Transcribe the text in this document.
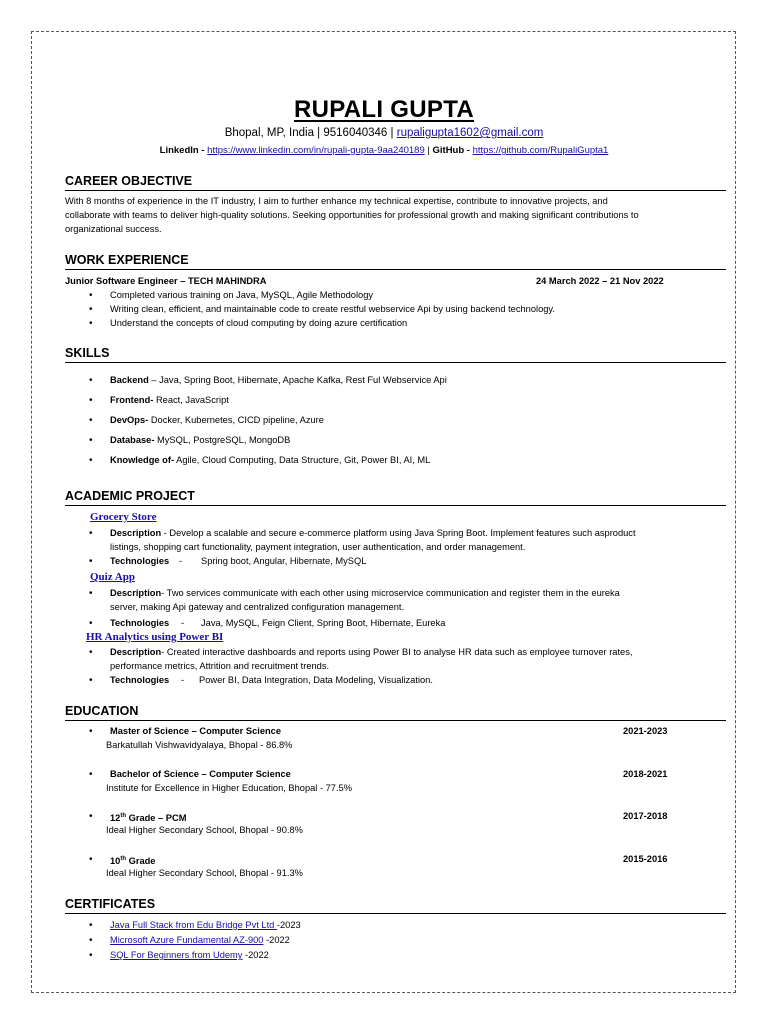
RUPALI GUPTA
Bhopal, MP, India | 9516040346 | rupaligupta1602@gmail.com
LinkedIn - https://www.linkedin.com/in/rupali-gupta-9aa240189 | GitHub - https://github.com/RupaliGupta1
CAREER OBJECTIVE
With 8 months of experience in the IT industry, I aim to further enhance my technical expertise, contribute to innovative projects, and
collaborate with teams to deliver high-quality solutions. Seeking opportunities for professional growth and making significant contributions to
organizational success.
WORK EXPERIENCE
Junior Software Engineer – TECH MAHINDRA	24 March 2022 – 21 Nov 2022
• Completed various training on Java, MySQL, Agile Methodology
• Writing clean, efficient, and maintainable code to create restful webservice Api by using backend technology.
• Understand the concepts of cloud computing by doing azure certification
SKILLS
• Backend – Java, Spring Boot, Hibernate, Apache Kafka, Rest Ful Webservice Api
• Frontend- React, JavaScript
• DevOps- Docker, Kubernetes, CICD pipeline, Azure
• Database- MySQL, PostgreSQL, MongoDB
• Knowledge of- Agile, Cloud Computing, Data Structure, Git, Power BI, AI, ML
ACADEMIC PROJECT
Grocery Store
• Description - Develop a scalable and secure e-commerce platform using Java Spring Boot. Implement features such asproduct
listings, shopping cart functionality, payment integration, user authentication, and order management.
• Technologies - Spring boot, Angular, Hibernate, MySQL
Quiz App
• Description- Two services communicate with each other using microservice communication and register them in the eureka
server, making Api gateway and centralized configuration management.
• Technologies - Java, MySQL, Feign Client, Spring Boot, Hibernate, Eureka
HR Analytics using Power BI
• Description- Created interactive dashboards and reports using Power BI to analyse HR data such as employee turnover rates,
performance metrics, Attrition and recruitment trends.
• Technologies - Power BI, Data Integration, Data Modeling, Visualization.
EDUCATION
• Master of Science – Computer Science	2021-2023
Barkatullah Vishwavidyalaya, Bhopal - 86.8%
• Bachelor of Science – Computer Science	2018-2021
Institute for Excellence in Higher Education, Bhopal - 77.5%
• 12th Grade – PCM	2017-2018
Ideal Higher Secondary School, Bhopal - 90.8%
• 10th Grade	2015-2016
Ideal Higher Secondary School, Bhopal - 91.3%
CERTIFICATES
• Java Full Stack from Edu Bridge Pvt Ltd -2023
• Microsoft Azure Fundamental AZ-900 -2022
• SQL For Beginners from Udemy -2022
